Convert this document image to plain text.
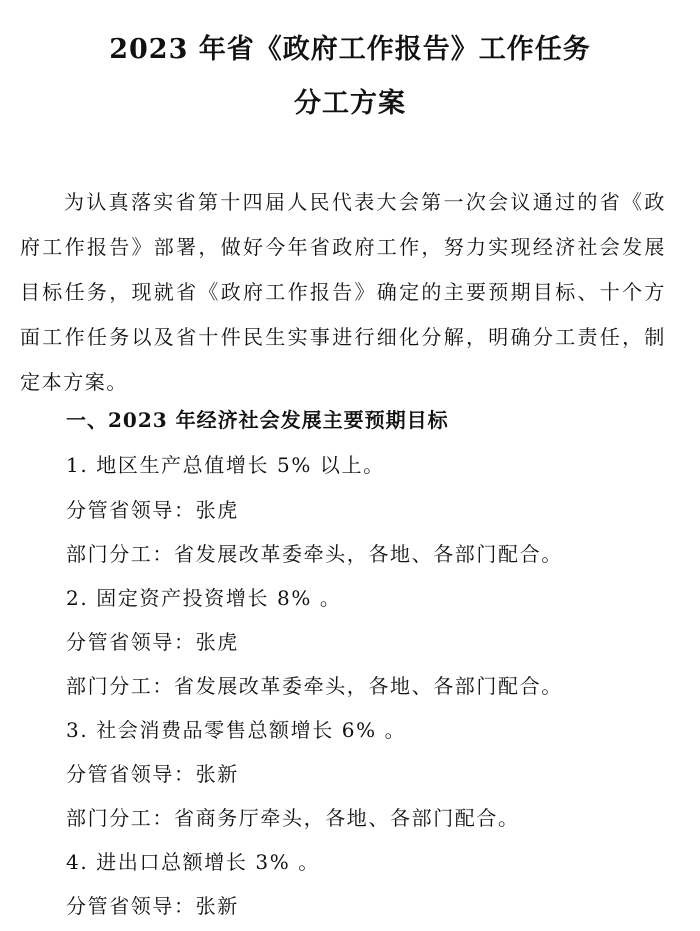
2023 年省《政府工作报告》工作任务
分工方案

为认真落实省第十四届人民代表大会第一次会议通过的省《政府工作报告》部署，做好今年省政府工作，努力实现经济社会发展目标任务，现就省《政府工作报告》确定的主要预期目标、十个方面工作任务以及省十件民生实事进行细化分解，明确分工责任，制定本方案。

一、2023 年经济社会发展主要预期目标
1. 地区生产总值增长 5% 以上。
分管省领导：张虎
部门分工：省发展改革委牵头，各地、各部门配合。
2. 固定资产投资增长 8% 。
分管省领导：张虎
部门分工：省发展改革委牵头，各地、各部门配合。
3. 社会消费品零售总额增长 6% 。
分管省领导：张新
部门分工：省商务厅牵头，各地、各部门配合。
4. 进出口总额增长 3% 。
分管省领导：张新
